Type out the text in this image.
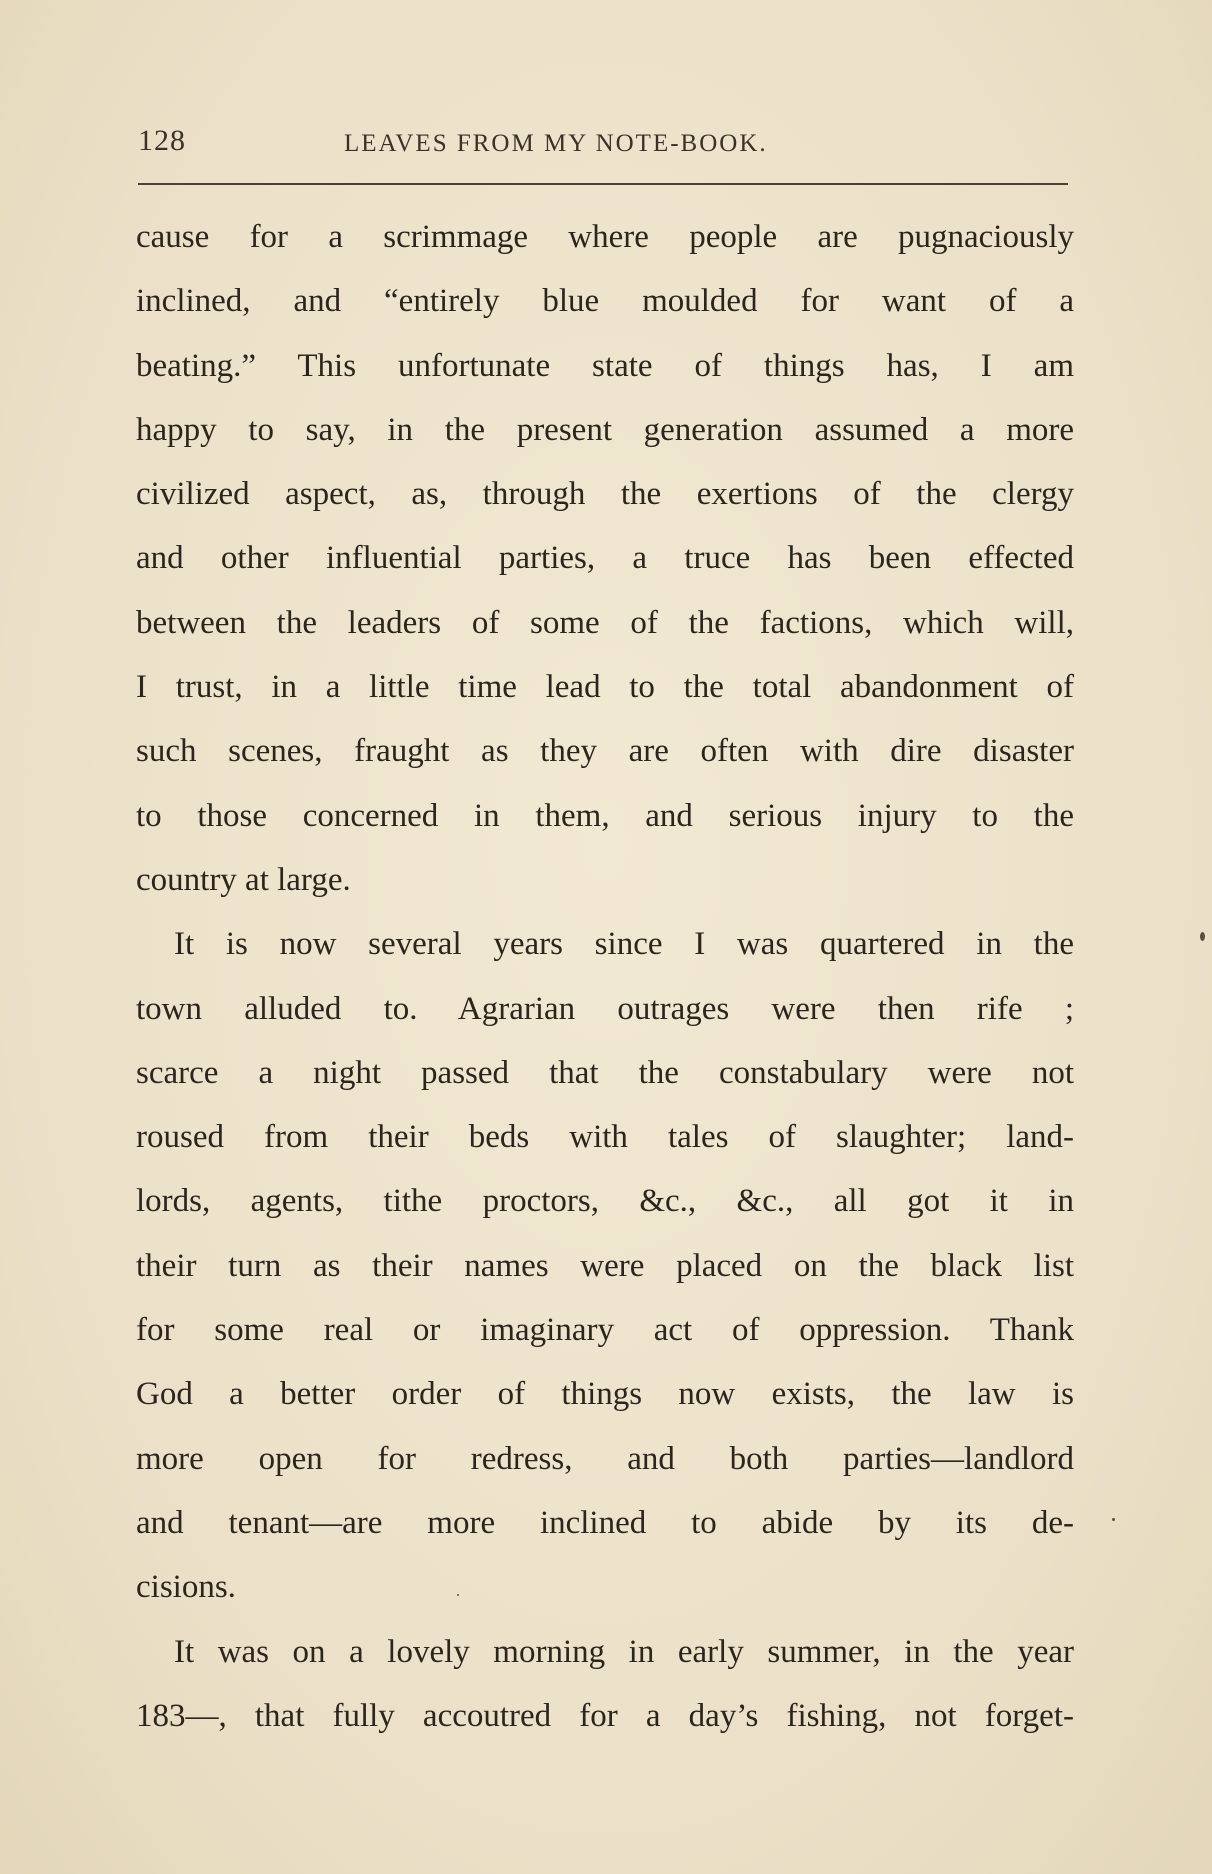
128	LEAVES FROM MY NOTE-BOOK.
cause for a scrimmage where people are pugnaciously
inclined, and “entirely blue moulded for want of a
beating.” This unfortunate state of things has, I am
happy to say, in the present generation assumed a more
civilized aspect, as, through the exertions of the clergy
and other influential parties, a truce has been effected
between the leaders of some of the factions, which will,
I trust, in a little time lead to the total abandonment of
such scenes, fraught as they are often with dire disaster
to those concerned in them, and serious injury to the
country at large.
It is now several years since I was quartered in the
town alluded to. Agrarian outrages were then rife ;
scarce a night passed that the constabulary were not
roused from their beds with tales of slaughter; land-
lords, agents, tithe proctors, &c., &c., all got it in
their turn as their names were placed on the black list
for some real or imaginary act of oppression. Thank
God a better order of things now exists, the law is
more open for redress, and both parties—landlord
and tenant—are more inclined to abide by its de-
cisions.
It was on a lovely morning in early summer, in the year
183—, that fully accoutred for a day’s fishing, not forget-
